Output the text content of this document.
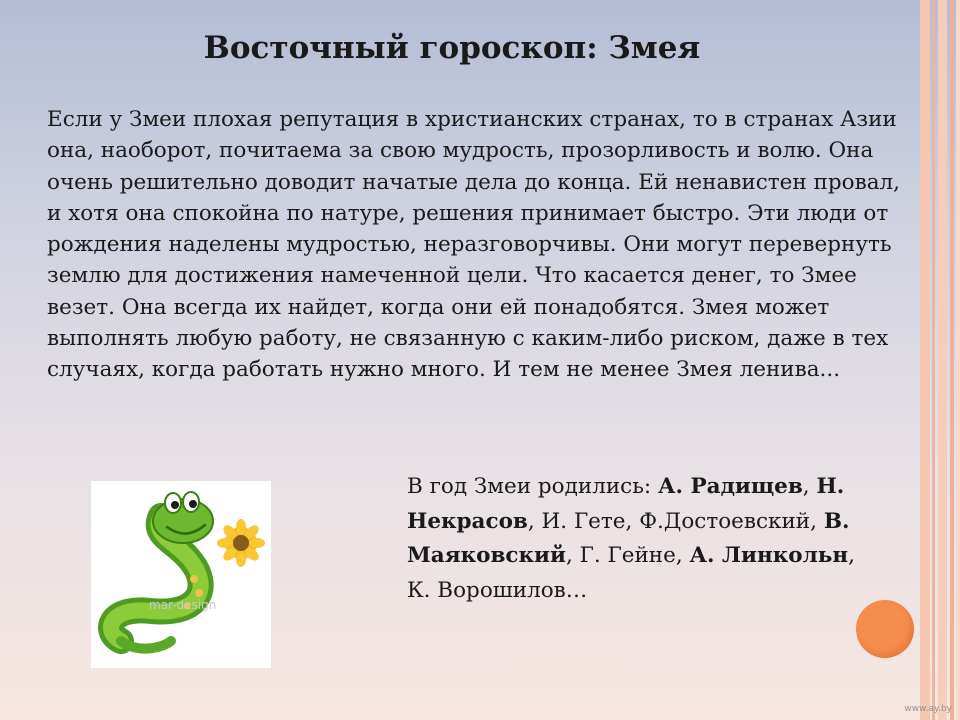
Восточный гороскоп: Змея
Если у Змеи плохая репутация в христианских странах, то в странах Азии она, наоборот, почитаема за свою мудрость, прозорливость и волю. Она очень решительно доводит начатые дела до конца. Ей ненавистен провал, и хотя она спокойна по натуре, решения принимает быстро. Эти люди от рождения наделены мудростью, неразговорчивы. Они могут перевернуть землю для достижения намеченной цели. Что касается денег, то Змее везет. Она всегда их найдет, когда они ей понадобятся. Змея может выполнять любую работу, не связанную с каким-либо риском, даже в тех случаях, когда работать нужно много. И тем не менее Змея ленива...
mar-design
В год Змеи родились: А. Радищев, Н. Некрасов, И. Гете, Ф.Достоевский, В. Маяковский, Г. Гейне, А. Линкольн, К. Ворошилов…
www.ay.by
